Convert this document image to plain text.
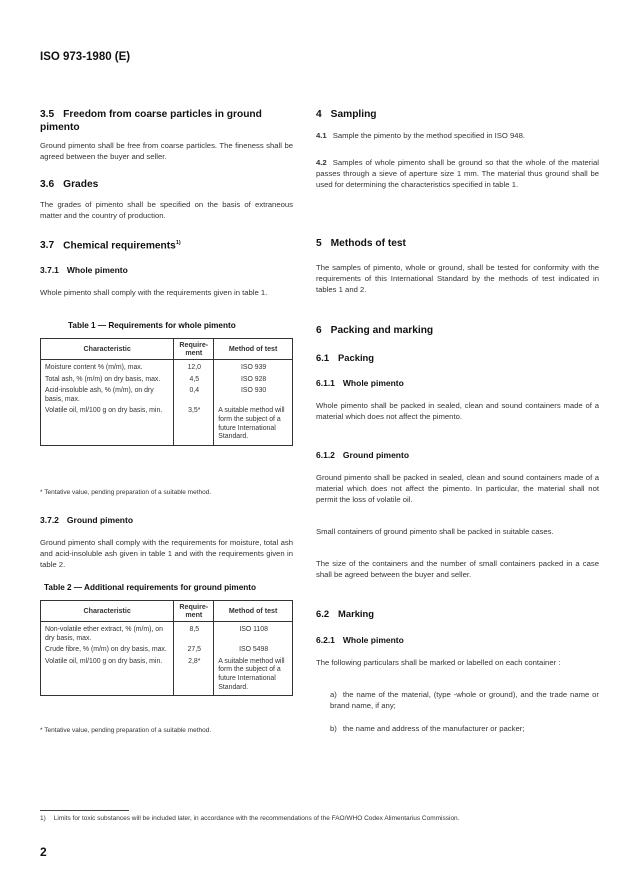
ISO 973-1980 (E)
3.5 Freedom from coarse particles in ground pimento
Ground pimento shall be free from coarse particles. The fineness shall be agreed between the buyer and seller.
3.6 Grades
The grades of pimento shall be specified on the basis of extraneous matter and the country of production.
3.7 Chemical requirements$^{1)}$
3.7.1 Whole pimento
Whole pimento shall comply with the requirements given in table 1.
Table 1 — Requirements for whole pimento
Characteristic	Require-ment	Method of test
Moisture content % (m/m), max.	12,0	ISO 939
Total ash, % (m/m) on dry basis, max.	4,5	ISO 928
Acid-insoluble ash, % (m/m), on dry basis, max.	0,4	ISO 930
Volatile oil, ml/100 g on dry basis, min.	3,5*	A suitable method will form the subject of a future International Standard.
* Tentative value, pending preparation of a suitable method.
3.7.2 Ground pimento
Ground pimento shall comply with the requirements for moisture, total ash and acid-insoluble ash given in table 1 and with the requirements given in table 2.
Table 2 — Additional requirements for ground pimento
Characteristic	Require-ment	Method of test
Non-volatile ether extract, % (m/m), on dry basis, max.	8,5	ISO 1108
Crude fibre, % (m/m) on dry basis, max.	27,5	ISO 5498
Volatile oil, ml/100 g on dry basis, min.	2,8*	A suitable method will form the subject of a future International Standard.
* Tentative value, pending preparation of a suitable method.
4 Sampling
4.1 Sample the pimento by the method specified in ISO 948.
4.2 Samples of whole pimento shall be ground so that the whole of the material passes through a sieve of aperture size 1 mm. The material thus ground shall be used for determining the characteristics specified in table 1.
5 Methods of test
The samples of pimento, whole or ground, shall be tested for conformity with the requirements of this International Standard by the methods of test indicated in tables 1 and 2.
6 Packing and marking
6.1 Packing
6.1.1 Whole pimento
Whole pimento shall be packed in sealed, clean and sound containers made of a material which does not affect the pimento.
6.1.2 Ground pimento
Ground pimento shall be packed in sealed, clean and sound containers made of a material which does not affect the pimento. In particular, the material shall not permit the loss of volatile oil.
Small containers of ground pimento shall be packed in suitable cases.
The size of the containers and the number of small containers packed in a case shall be agreed between the buyer and seller.
6.2 Marking
6.2.1 Whole pimento
The following particulars shall be marked or labelled on each container :
a) the name of the material, (type -whole or ground), and the trade name or brand name, if any;
b) the name and address of the manufacturer or packer;
1) Limits for toxic substances will be included later, in accordance with the recommendations of the FAO/WHO Codex Alimentarius Commission.
2
